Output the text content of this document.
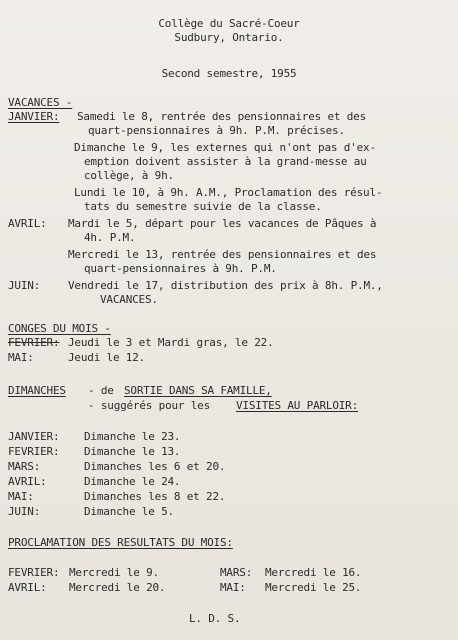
Collège du Sacré-Coeur
Sudbury, Ontario.
Second semestre, 1955
VACANCES -
JANVIER: Samedi le 8, rentrée des pensionnaires et des
quart-pensionnaires à 9h. P.M. précises.
Dimanche le 9, les externes qui n'ont pas d'ex-
emption doivent assister à la grand-messe au
collège, à 9h.
Lundi le 10, à 9h. A.M., Proclamation des résul-
tats du semestre suivie de la classe.
AVRIL: Mardi le 5, départ pour les vacances de Pâques à
4h. P.M.
Mercredi le 13, rentrée des pensionnaires et des
quart-pensionnaires à 9h. P.M.
JUIN:	Vendredi le 17, distribution des prix à 8h. P.M.,
VACANCES.
CONGES DU MOIS -
FEVRIER: Jeudi le 3 et Mardi gras, le 22.
MAI:	Jeudi le 12.
DIMANCHES - de SORTIE DANS SA FAMILLE,
- suggérés pour les VISITES AU PARLOIR:
JANVIER: Dimanche le 23.
FEVRIER: Dimanche le 13.
MARS:	Dimanches les 6 et 20.
AVRIL:	Dimanche le 24.
MAI:	Dimanches les 8 et 22.
JUIN:	Dimanche le 5.
PROCLAMATION DES RESULTATS DU MOIS:
FEVRIER: Mercredi le 9.	MARS: Mercredi le 16.
AVRIL: Mercredi le 20.	MAI: Mercredi le 25.
L. D. S.
